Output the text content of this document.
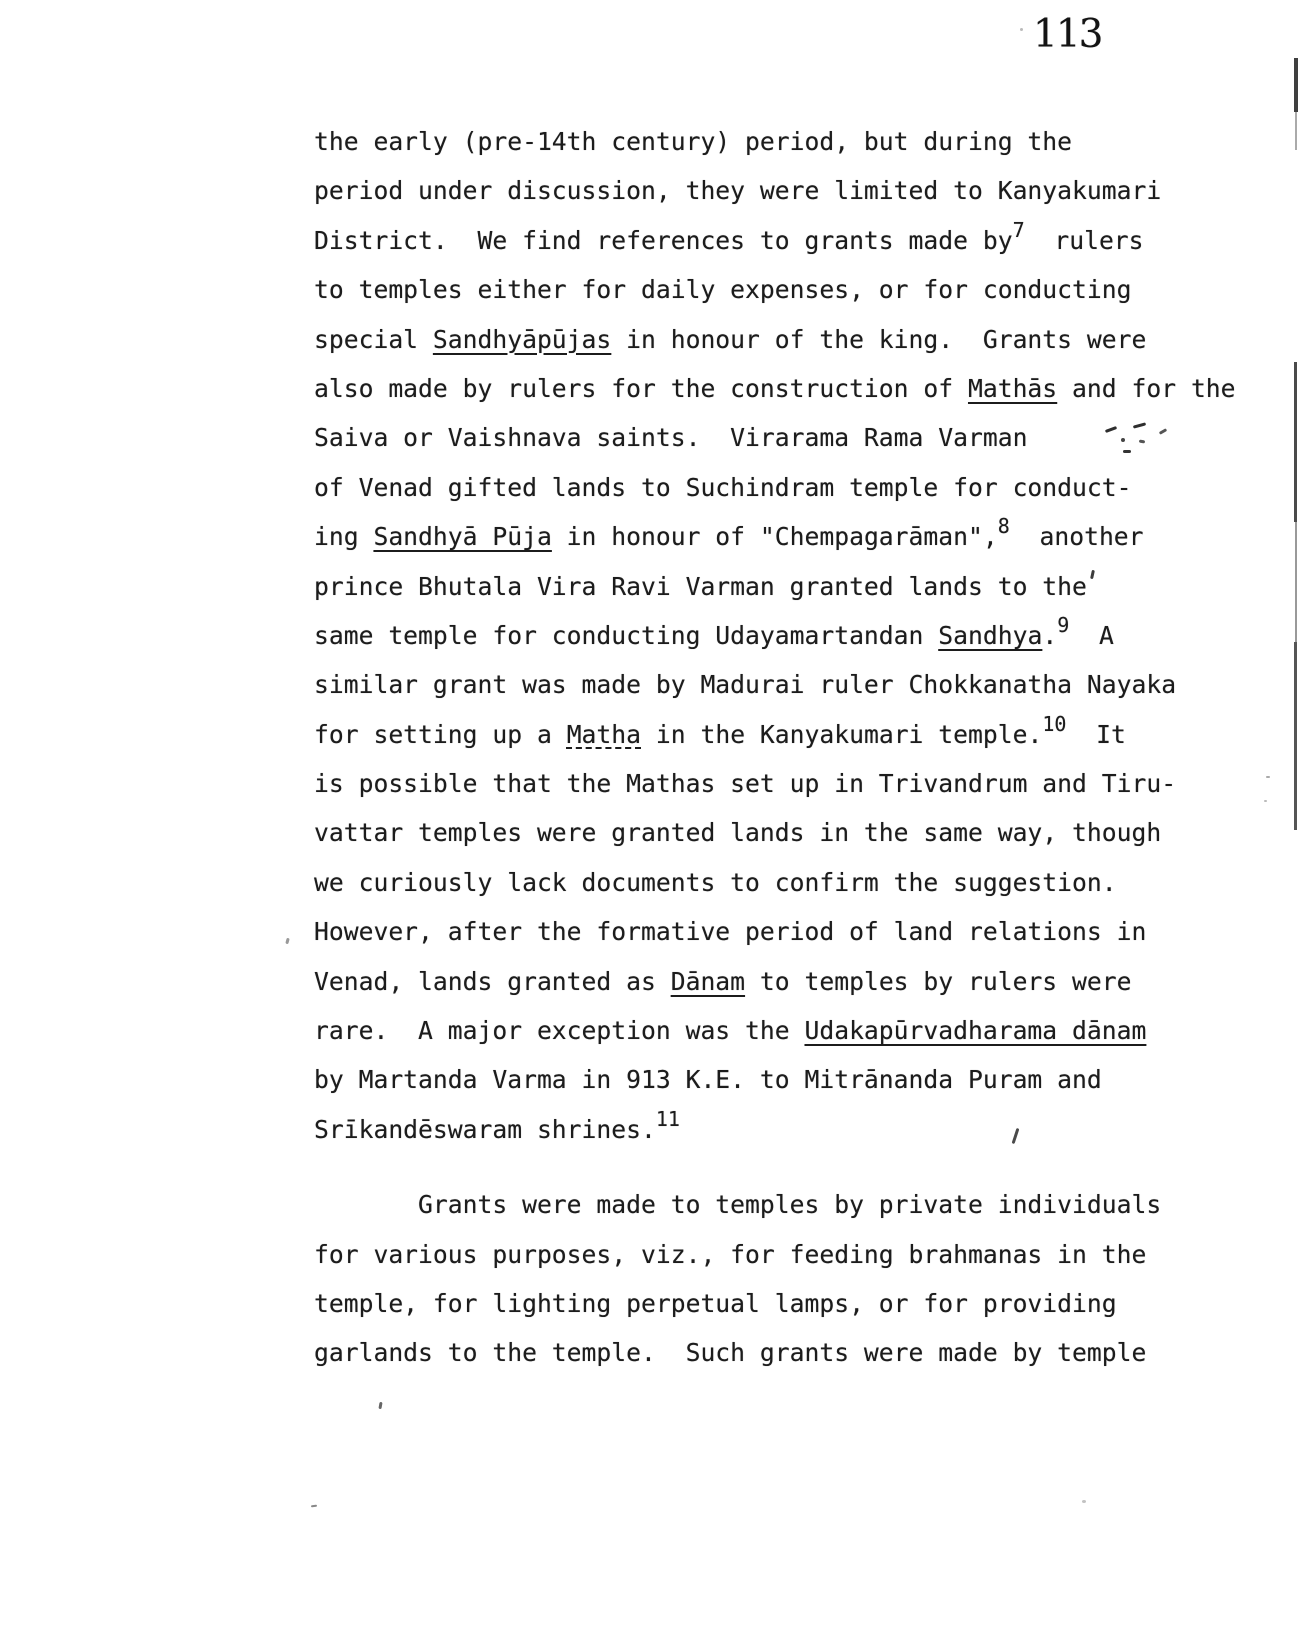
113
the early (pre-14th century) period, but during the
period under discussion, they were limited to Kanyakumari
District.  We find references to grants made $by^7$  rulers
to temples either for daily expenses, or for conducting
special Sandhyāpūjas in honour of the king.  Grants were
also made by rulers for the construction of Mathās and for the
Saiva or Vaishnava saints.  Virarama Rama Varman
of Venad gifted lands to Suchindram temple for conduct-
ing Sandhyā Pūja in honour of "Chempagarāman",$^8$  another
prince Bhutala Vira Ravi Varman granted lands to the
same temple for conducting Udayamartandan Sandhya.$^9$  A
similar grant was made by Madurai ruler Chokkanatha Nayaka
for setting up a Matha in the Kanyakumari temple.$^{10}$  It
is possible that the Mathas set up in Trivandrum and Tiru-
vattar temples were granted lands in the same way, though
we curiously lack documents to confirm the suggestion.
However, after the formative period of land relations in
Venad, lands granted as Dānam to temples by rulers were
rare.  A major exception was the Udakapūrvadharama dānam
by Martanda Varma in 913 K.E. to Mitrānanda Puram and
Srīkandēswaram shrines.$^{11}$
Grants were made to temples by private individuals
for various purposes, viz., for feeding brahmanas in the
temple, for lighting perpetual lamps, or for providing
garlands to the temple.  Such grants were made by temple
